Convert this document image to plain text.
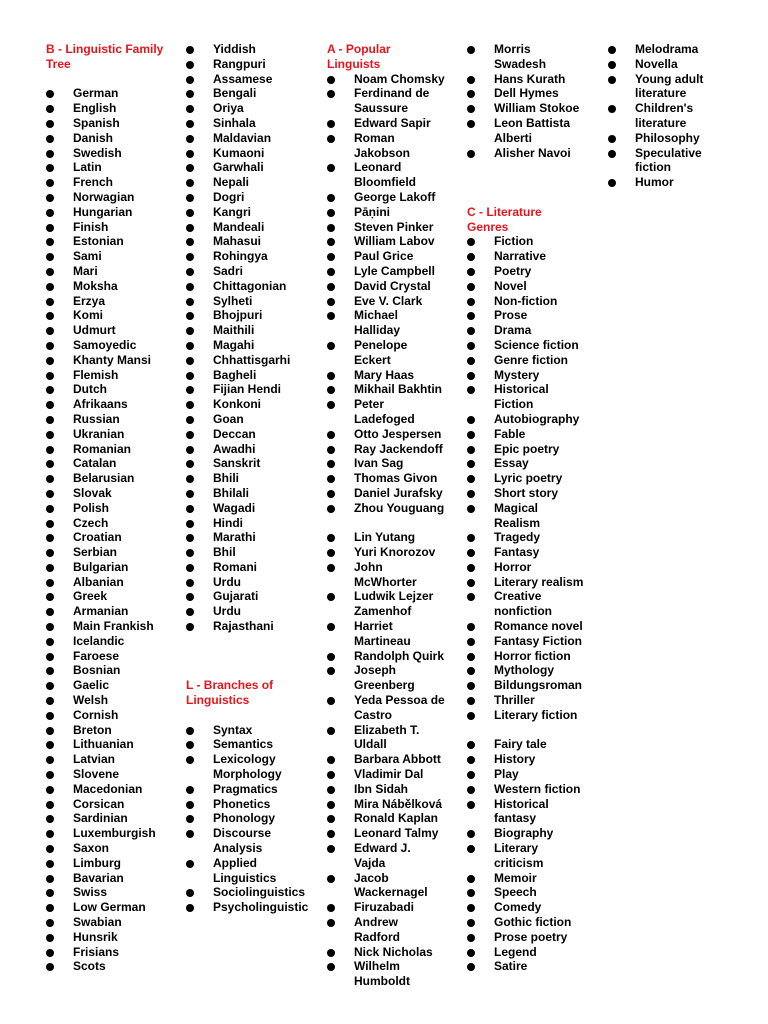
B - Linguistic Family
Tree
German
English
Spanish
Danish
Swedish
Latin
French
Norwagian
Hungarian
Finish
Estonian
Sami
Mari
Moksha
Erzya
Komi
Udmurt
Samoyedic
Khanty Mansi
Flemish
Dutch
Afrikaans
Russian
Ukranian
Romanian
Catalan
Belarusian
Slovak
Polish
Czech
Croatian
Serbian
Bulgarian
Albanian
Greek
Armanian
Main Frankish
Icelandic
Faroese
Bosnian
Gaelic
Welsh
Cornish
Breton
Lithuanian
Latvian
Slovene
Macedonian
Corsican
Sardinian
Luxemburgish
Saxon
Limburg
Bavarian
Swiss
Low German
Swabian
Hunsrik
Frisians
Scots
Yiddish
Rangpuri
Assamese
Bengali
Oriya
Sinhala
Maldavian
Kumaoni
Garwhali
Nepali
Dogri
Kangri
Mandeali
Mahasui
Rohingya
Sadri
Chittagonian
Sylheti
Bhojpuri
Maithili
Magahi
Chhattisgarhi
Bagheli
Fijian Hendi
Konkoni
Goan
Deccan
Awadhi
Sanskrit
Bhili
Bhilali
Wagadi
Hindi
Marathi
Bhil
Romani
Urdu
Gujarati
Urdu
Rajasthani
L - Branches of
Linguistics
Syntax
Semantics
Lexicology
Morphology
Pragmatics
Phonetics
Phonology
Discourse
Analysis
Applied
Linguistics
Sociolinguistics
Psycholinguistic
A - Popular Linguists
Noam Chomsky
Ferdinand de
Saussure
Edward Sapir
Roman
Jakobson
Leonard
Bloomfield
George Lakoff
Pāṇini
Steven Pinker
William Labov
Paul Grice
Lyle Campbell
David Crystal
Eve V. Clark
Michael
Halliday
Penelope
Eckert
Mary Haas
Mikhail Bakhtin
Peter
Ladefoged
Otto Jespersen
Ray Jackendoff
Ivan Sag
Thomas Givon
Daniel Jurafsky
Zhou Youguang
Lin Yutang
Yuri Knorozov
John
McWhorter
Ludwik Lejzer
Zamenhof
Harriet
Martineau
Randolph Quirk
Joseph
Greenberg
Yeda Pessoa de
Castro
Elizabeth T.
Uldall
Barbara Abbott
Vladimir Dal
Ibn Sidah
Mira Nábělková
Ronald Kaplan
Leonard Talmy
Edward J. Vajda
Jacob
Wackernagel
Firuzabadi
Andrew
Radford
Nick Nicholas
Wilhelm
Humboldt
Morris
Swadesh
Hans Kurath
Dell Hymes
William Stokoe
Leon Battista
Alberti
Alisher Navoi
C - Literature Genres
Fiction
Narrative
Poetry
Novel
Non-fiction
Prose
Drama
Science fiction
Genre fiction
Mystery
Historical
Fiction
Autobiography
Fable
Epic poetry
Essay
Lyric poetry
Short story
Magical
Realism
Tragedy
Fantasy
Horror
Literary realism
Creative
nonfiction
Romance novel
Fantasy Fiction
Horror fiction
Mythology
Bildungsroman
Thriller
Literary fiction
Fairy tale
History
Play
Western fiction
Historical
fantasy
Biography
Literary
criticism
Memoir
Speech
Comedy
Gothic fiction
Prose poetry
Legend
Satire
Melodrama
Novella
Young adult
literature
Children's
literature
Philosophy
Speculative
fiction
Humor
